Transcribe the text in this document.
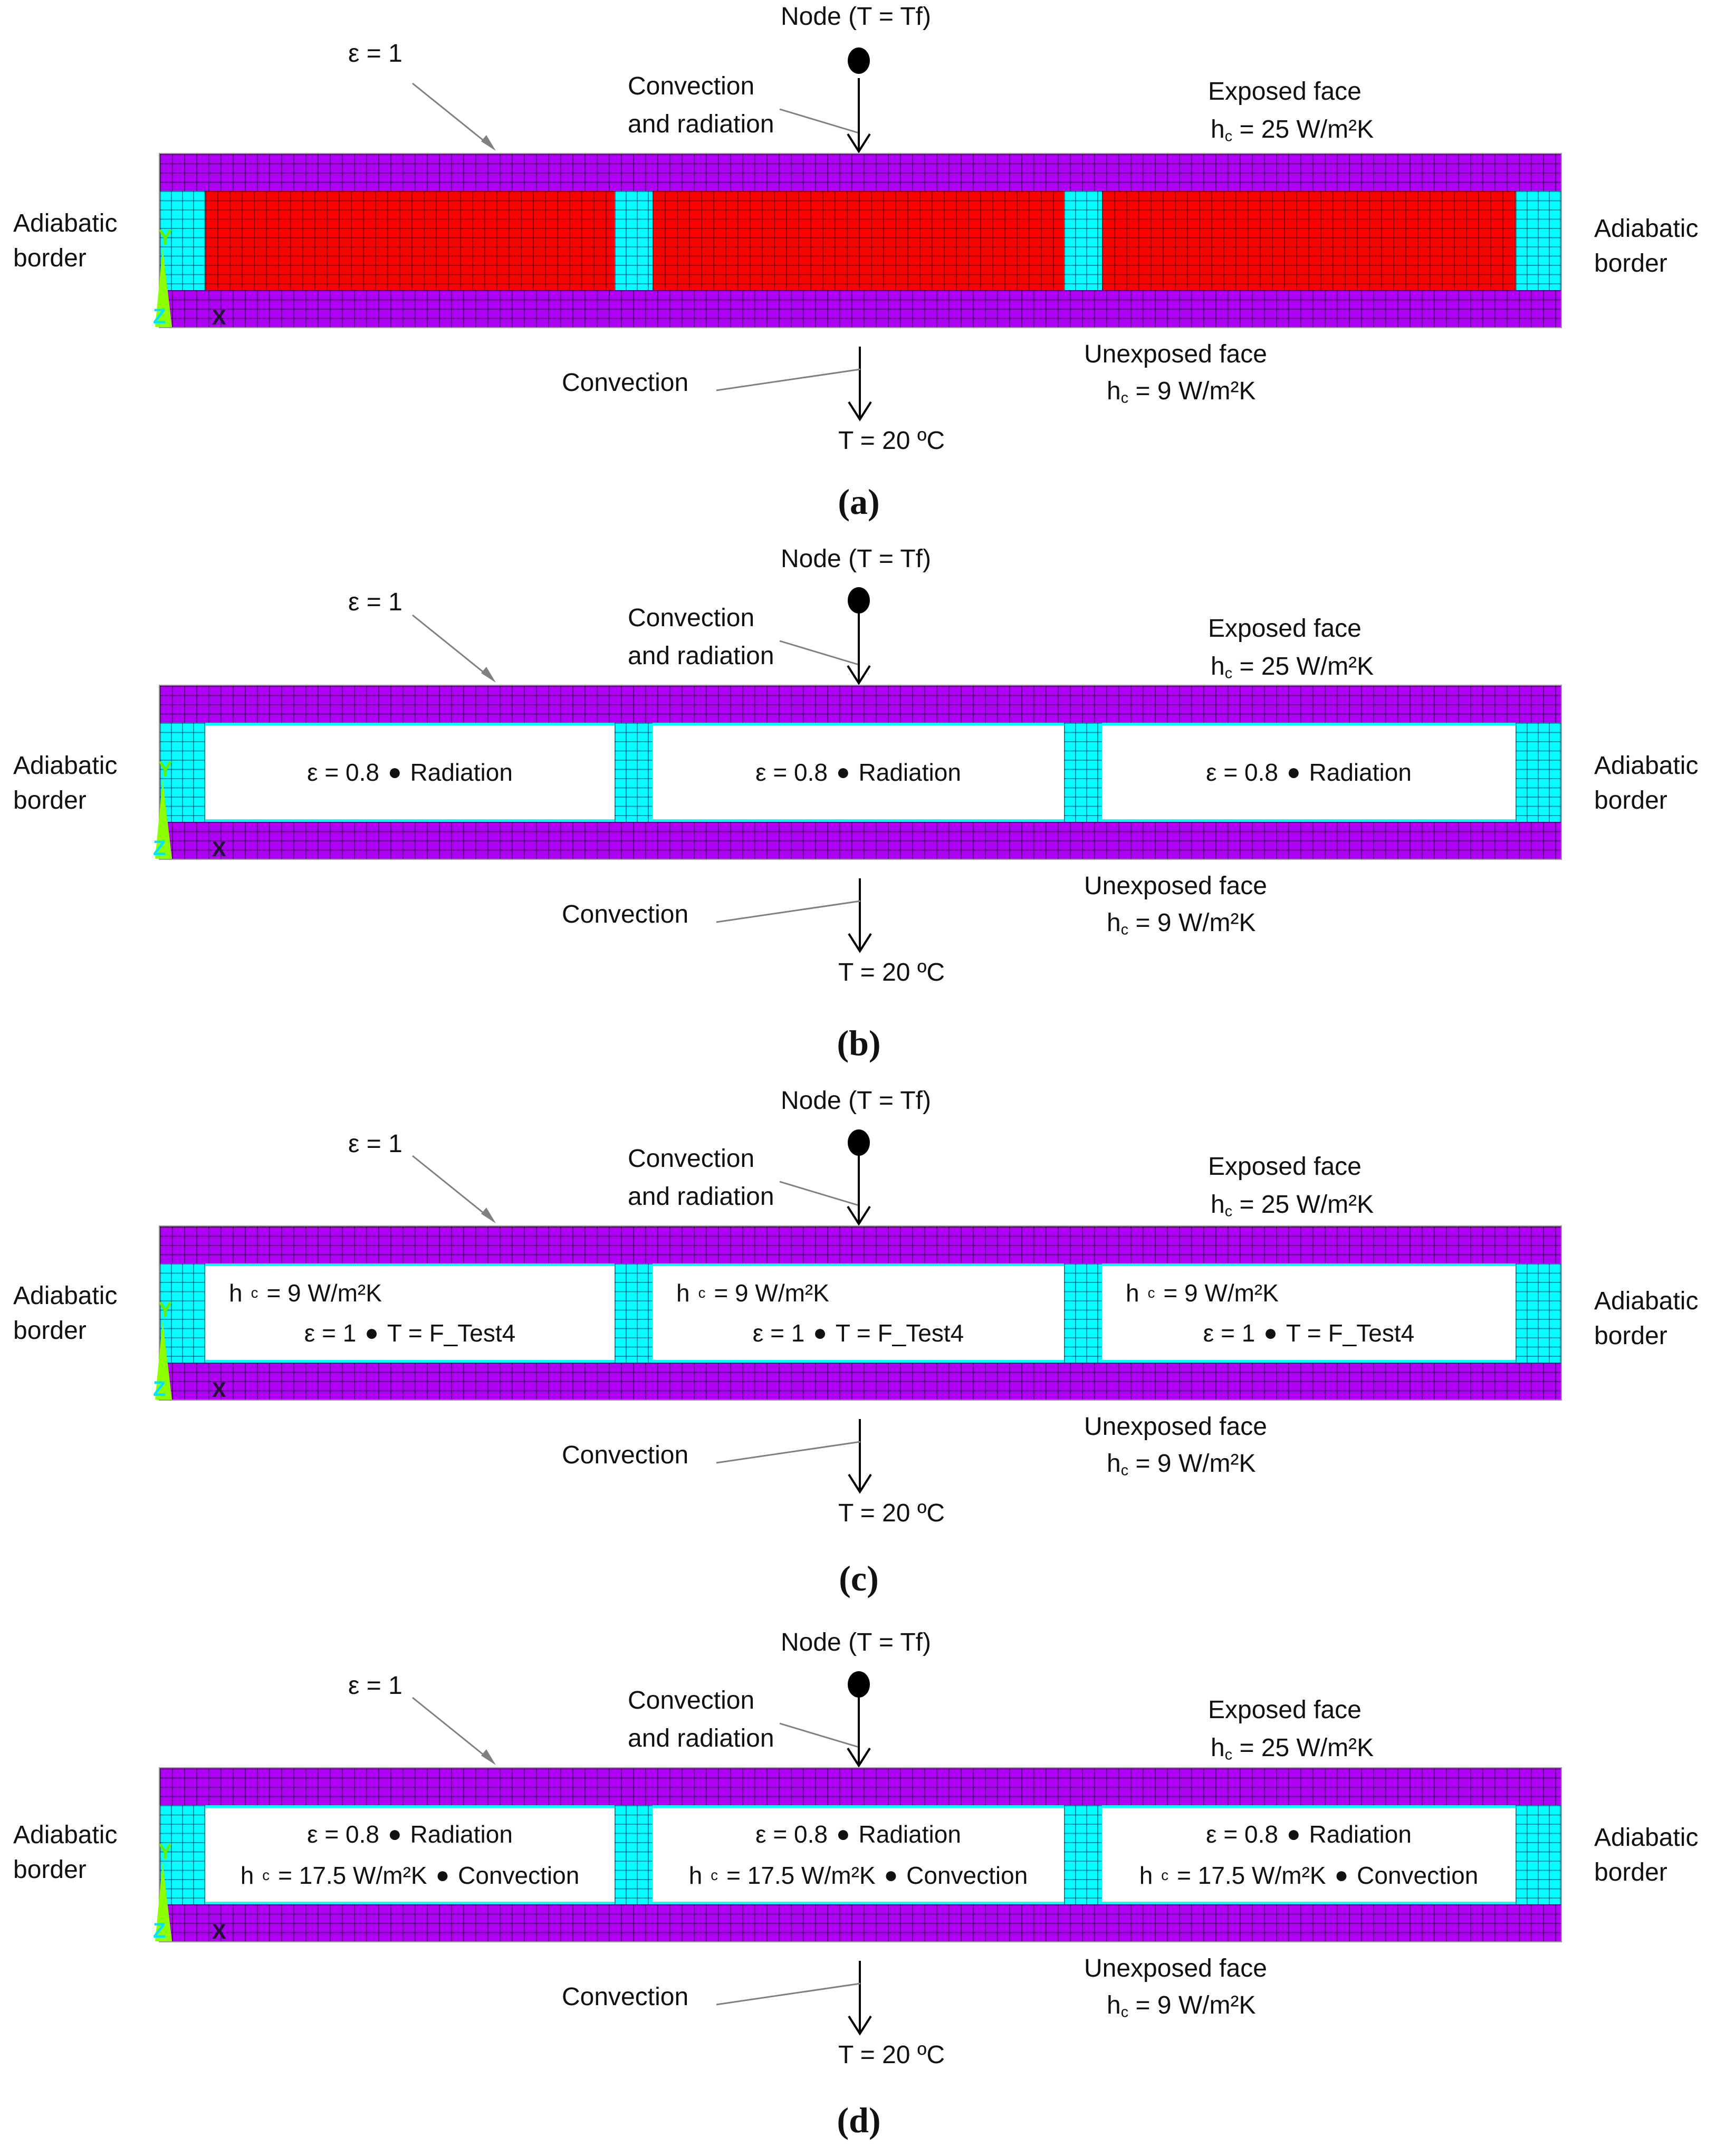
Node (T = Tf)
ε = 1
Convection
and radiation
Exposed face
hc = 25 W/m²K
Adiabatic
border
Adiabatic
border
Y
Z X
Convection
Unexposed face
hc = 9 W/m²K
T = 20 ºC
(a)
Node (T = Tf)
ε = 1
Convection
and radiation
Exposed face
hc = 25 W/m²K
Adiabatic
border
Adiabatic
border
ε = 0.8 ● Radiation	ε = 0.8 ● Radiation	ε = 0.8 ● Radiation
Y
Z X
Convection
Unexposed face
hc = 9 W/m²K
T = 20 ºC
(b)
Node (T = Tf)
ε = 1
Convection
and radiation
Exposed face
hc = 25 W/m²K
Adiabatic
border
Adiabatic
border
h c = 9 W/m²K
ε = 1 ● T = F_Test4
h c = 9 W/m²K
ε = 1 ● T = F_Test4
h c = 9 W/m²K
ε = 1 ● T = F_Test4
Y
Z X
Convection
Unexposed face
hc = 9 W/m²K
T = 20 ºC
(c)
Node (T = Tf)
ε = 1
Convection
and radiation
Exposed face
hc = 25 W/m²K
Adiabatic
border
Adiabatic
border
ε = 0.8 ● Radiation
h c = 17.5 W/m²K ● Convection
ε = 0.8 ● Radiation
h c = 17.5 W/m²K ● Convection
ε = 0.8 ● Radiation
h c = 17.5 W/m²K ● Convection
Y
Z X
Convection
Unexposed face
hc = 9 W/m²K
T = 20 ºC
(d)
